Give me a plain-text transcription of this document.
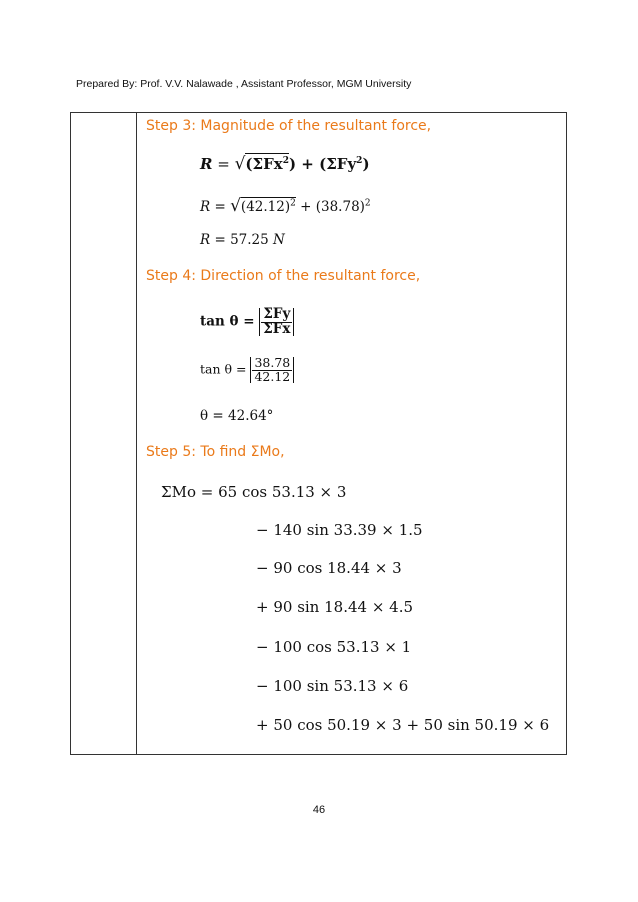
Prepared By: Prof. V.V. Nalawade , Assistant Professor, MGM University
Step 3: Magnitude of the resultant force,
R = √(ΣFx$^2$) + (ΣFy$^2$)
$R = √(42.12)^2 + (38.78)^2$
R = 57.25 N
Step 4: Direction of the resultant force,
$\tan \theta = \frac{\text{ΣFy}}{\text{ΣFx}}$
$\tan \theta = \frac{38.78}{42.12}$
θ = 42.64°
Step 5: To find ΣMo,
ΣMo = 65 cos 53.13 × 3
− 140 sin 33.39 × 1.5
− 90 cos 18.44 × 3
+ 90 sin 18.44 × 4.5
− 100 cos 53.13 × 1
− 100 sin 53.13 × 6
+ 50 cos 50.19 × 3 + 50 sin 50.19 × 6
46
